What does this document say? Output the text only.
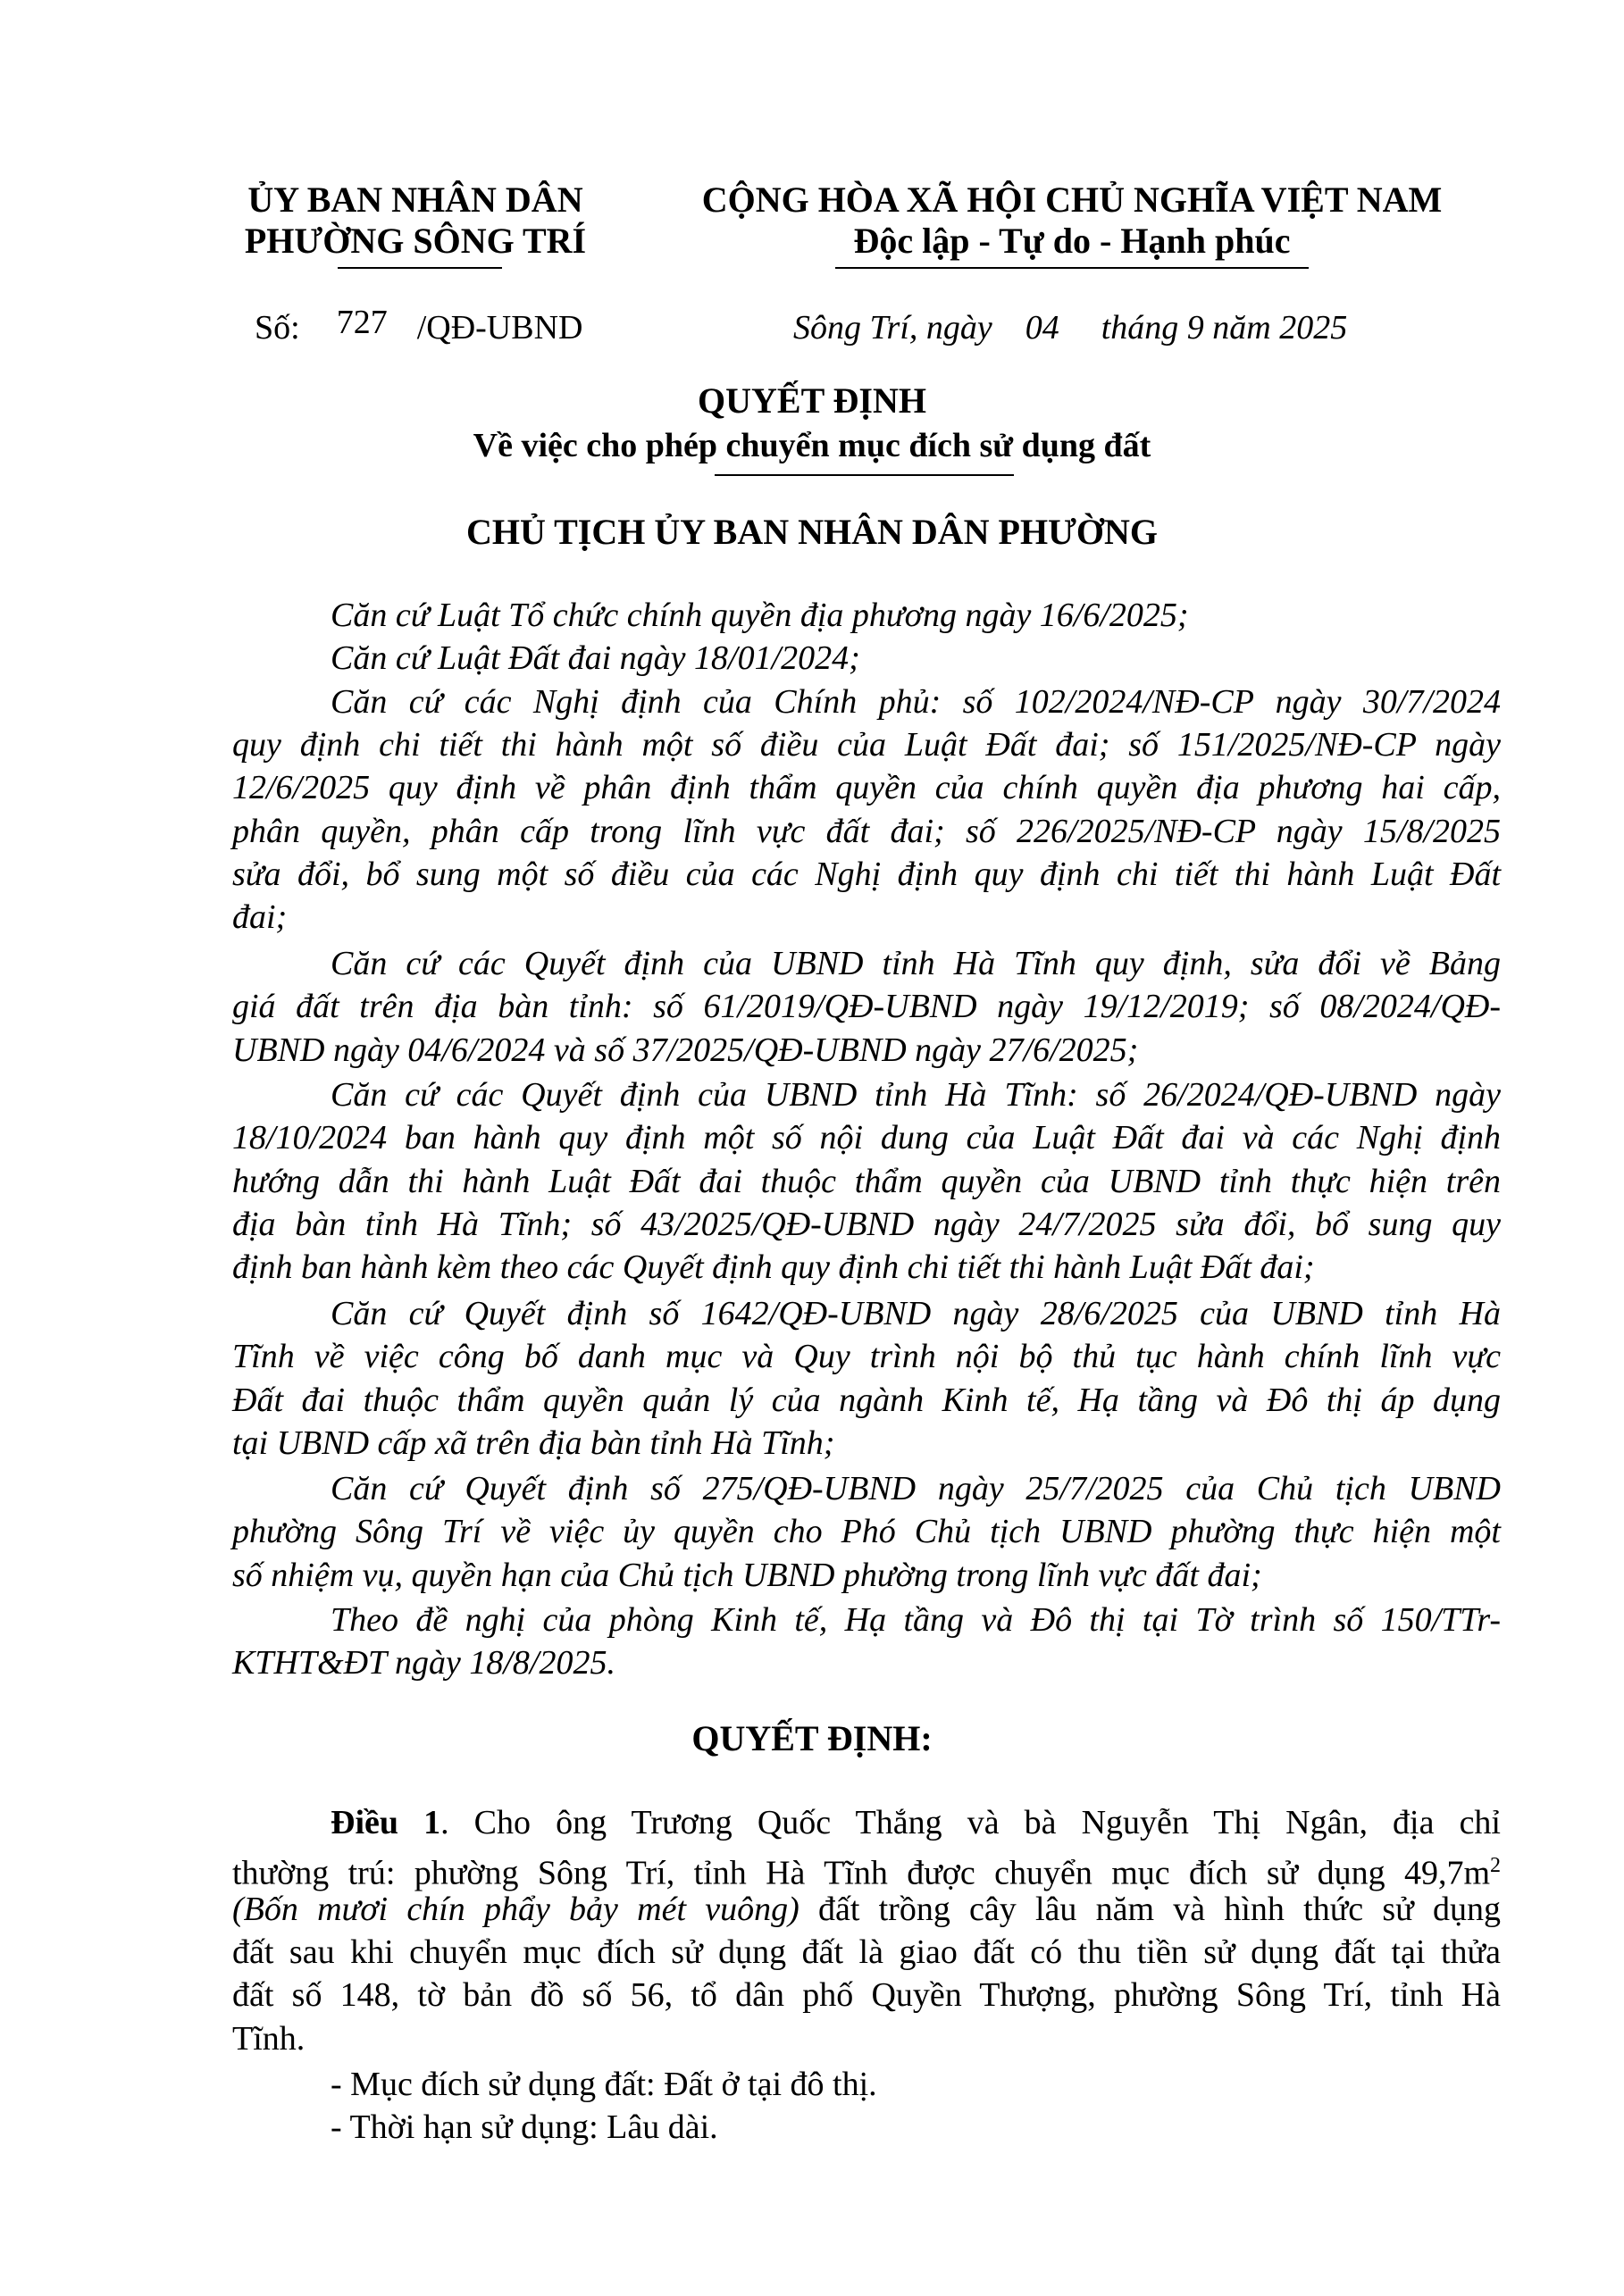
ỦY BAN NHÂN DÂN
PHƯỜNG SÔNG TRÍ
CỘNG HÒA XÃ HỘI CHỦ NGHĨA VIỆT NAM
Độc lập - Tự do - Hạnh phúc
Số: 727 /QĐ-UBND	Sông Trí, ngày 04 tháng 9 năm 2025
QUYẾT ĐỊNH
Về việc cho phép chuyển mục đích sử dụng đất
CHỦ TỊCH ỦY BAN NHÂN DÂN PHƯỜNG
Căn cứ Luật Tổ chức chính quyền địa phương ngày 16/6/2025;
Căn cứ Luật Đất đai ngày 18/01/2024;
Căn cứ các Nghị định của Chính phủ: số 102/2024/NĐ-CP ngày 30/7/2024
quy định chi tiết thi hành một số điều của Luật Đất đai; số 151/2025/NĐ-CP ngày
12/6/2025 quy định về phân định thẩm quyền của chính quyền địa phương hai cấp,
phân quyền, phân cấp trong lĩnh vực đất đai; số 226/2025/NĐ-CP ngày 15/8/2025
sửa đổi, bổ sung một số điều của các Nghị định quy định chi tiết thi hành Luật Đất
đai;
Căn cứ các Quyết định của UBND tỉnh Hà Tĩnh quy định, sửa đổi về Bảng
giá đất trên địa bàn tỉnh: số 61/2019/QĐ-UBND ngày 19/12/2019; số 08/2024/QĐ-
UBND ngày 04/6/2024 và số 37/2025/QĐ-UBND ngày 27/6/2025;
Căn cứ các Quyết định của UBND tỉnh Hà Tĩnh: số 26/2024/QĐ-UBND ngày
18/10/2024 ban hành quy định một số nội dung của Luật Đất đai và các Nghị định
hướng dẫn thi hành Luật Đất đai thuộc thẩm quyền của UBND tỉnh thực hiện trên
địa bàn tỉnh Hà Tĩnh; số 43/2025/QĐ-UBND ngày 24/7/2025 sửa đổi, bổ sung quy
định ban hành kèm theo các Quyết định quy định chi tiết thi hành Luật Đất đai;
Căn cứ Quyết định số 1642/QĐ-UBND ngày 28/6/2025 của UBND tỉnh Hà
Tĩnh về việc công bố danh mục và Quy trình nội bộ thủ tục hành chính lĩnh vực
Đất đai thuộc thẩm quyền quản lý của ngành Kinh tế, Hạ tầng và Đô thị áp dụng
tại UBND cấp xã trên địa bàn tỉnh Hà Tĩnh;
Căn cứ Quyết định số 275/QĐ-UBND ngày 25/7/2025 của Chủ tịch UBND
phường Sông Trí về việc ủy quyền cho Phó Chủ tịch UBND phường thực hiện một
số nhiệm vụ, quyền hạn của Chủ tịch UBND phường trong lĩnh vực đất đai;
Theo đề nghị của phòng Kinh tế, Hạ tầng và Đô thị tại Tờ trình số 150/TTr-
KTHT&ĐT ngày 18/8/2025.
QUYẾT ĐỊNH:
Điều 1. Cho ông Trương Quốc Thắng và bà Nguyễn Thị Ngân, địa chỉ
thường trú: phường Sông Trí, tỉnh Hà Tĩnh được chuyển mục đích sử dụng $49,7m^2$
(Bốn mươi chín phẩy bảy mét vuông) đất trồng cây lâu năm và hình thức sử dụng
đất sau khi chuyển mục đích sử dụng đất là giao đất có thu tiền sử dụng đất tại thửa
đất số 148, tờ bản đồ số 56, tổ dân phố Quyền Thượng, phường Sông Trí, tỉnh Hà
Tĩnh.
- Mục đích sử dụng đất: Đất ở tại đô thị.
- Thời hạn sử dụng: Lâu dài.
